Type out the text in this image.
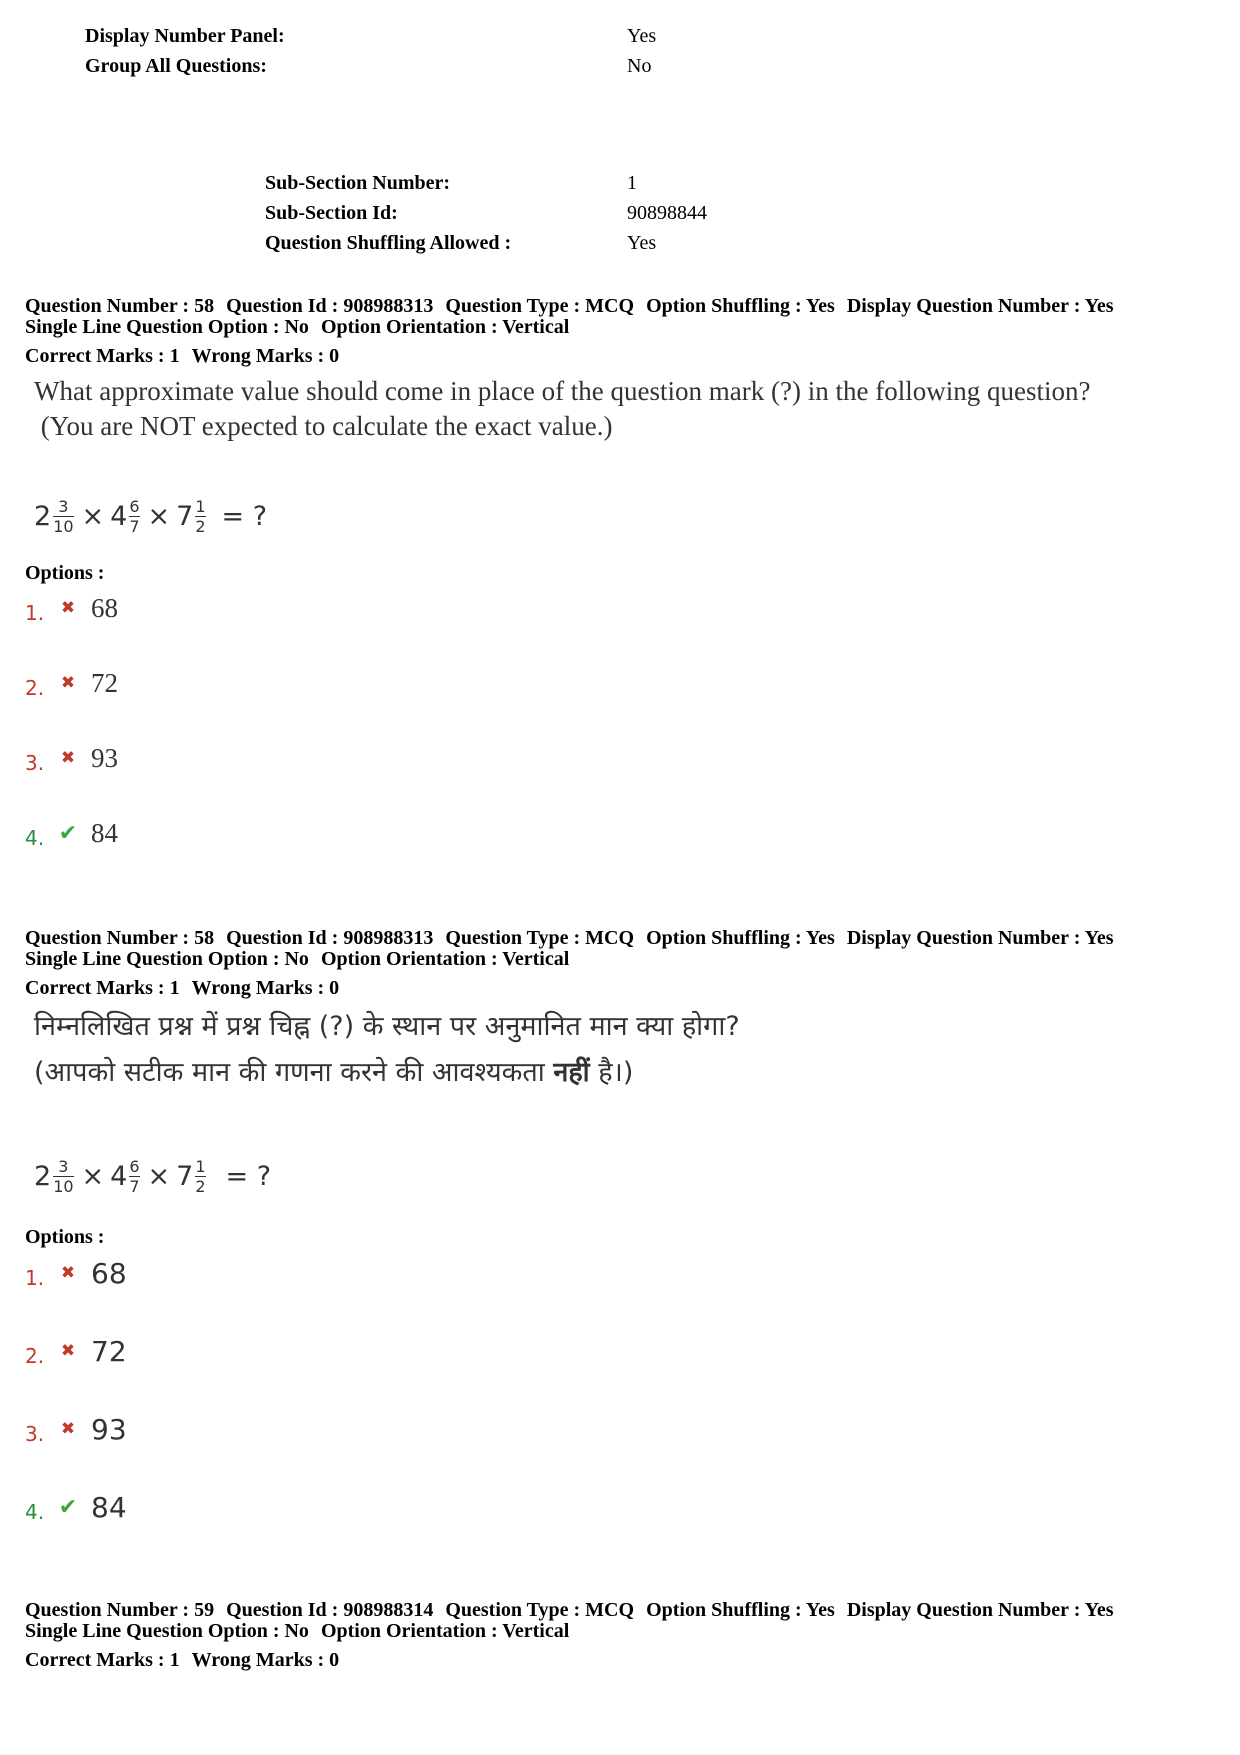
Display Number Panel:	Yes
Group All Questions:	No
Sub-Section Number:	1
Sub-Section Id:	90898844
Question Shuffling Allowed :	Yes
Question Number : 58 Question Id : 908988313 Question Type : MCQ Option Shuffling : Yes Display Question Number : Yes
Single Line Question Option : No Option Orientation : Vertical
Correct Marks : 1 Wrong Marks : 0
What approximate value should come in place of the question mark (?) in the following question?
(You are NOT expected to calculate the exact value.)
$2 \frac{3}{10} \times 4 \frac{6}{7} \times 7 \frac{1}{2}$ = ?
Options :
1. ✖ 68
2. ✖ 72
3. ✖ 93
4. ✔ 84
Question Number : 58 Question Id : 908988313 Question Type : MCQ Option Shuffling : Yes Display Question Number : Yes
Single Line Question Option : No Option Orientation : Vertical
Correct Marks : 1 Wrong Marks : 0
निम्नलिखित प्रश्न में प्रश्न चिह्न (?) के स्थान पर अनुमानित मान क्या होगा?
(आपको सटीक मान की गणना करने की आवश्यकता नहीं है।)
$2 \frac{3}{10} \times 4 \frac{6}{7} \times 7 \frac{1}{2}$ = ?
Options :
1. ✖ 68
2. ✖ 72
3. ✖ 93
4. ✔ 84
Question Number : 59 Question Id : 908988314 Question Type : MCQ Option Shuffling : Yes Display Question Number : Yes
Single Line Question Option : No Option Orientation : Vertical
Correct Marks : 1 Wrong Marks : 0
